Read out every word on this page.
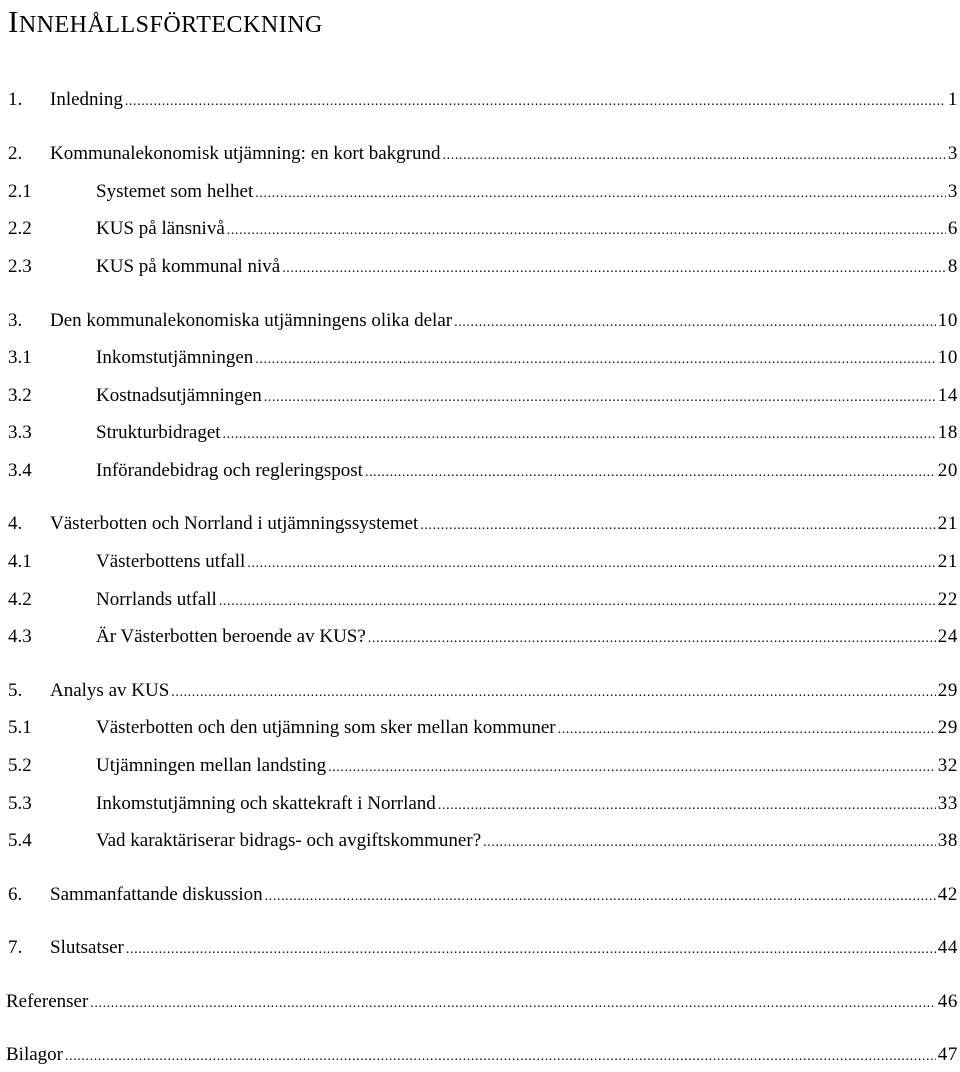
INNEHÅLLSFÖRTECKNING
1.	Inledning .....	1
2.	Kommunalekonomisk utjämning: en kort bakgrund .....	3
2.1	Systemet som helhet .....	3
2.2	KUS på länsnivå .....	6
2.3	KUS på kommunal nivå .....	8
3.	Den kommunalekonomiska utjämningens olika delar .....	10
3.1	Inkomstutjämningen .....	10
3.2	Kostnadsutjämningen .....	14
3.3	Strukturbidraget .....	18
3.4	Införandebidrag och regleringspost .....	20
4.	Västerbotten och Norrland i utjämningssystemet .....	21
4.1	Västerbottens utfall .....	21
4.2	Norrlands utfall .....	22
4.3	Är Västerbotten beroende av KUS? .....	24
5.	Analys av KUS .....	29
5.1	Västerbotten och den utjämning som sker mellan kommuner .....	29
5.2	Utjämningen mellan landsting .....	32
5.3	Inkomstutjämning och skattekraft i Norrland .....	33
5.4	Vad karaktäriserar bidrags- och avgiftskommuner? .....	38
6.	Sammanfattande diskussion .....	42
7.	Slutsatser .....	44
Referenser .....	46
Bilagor .....	47
